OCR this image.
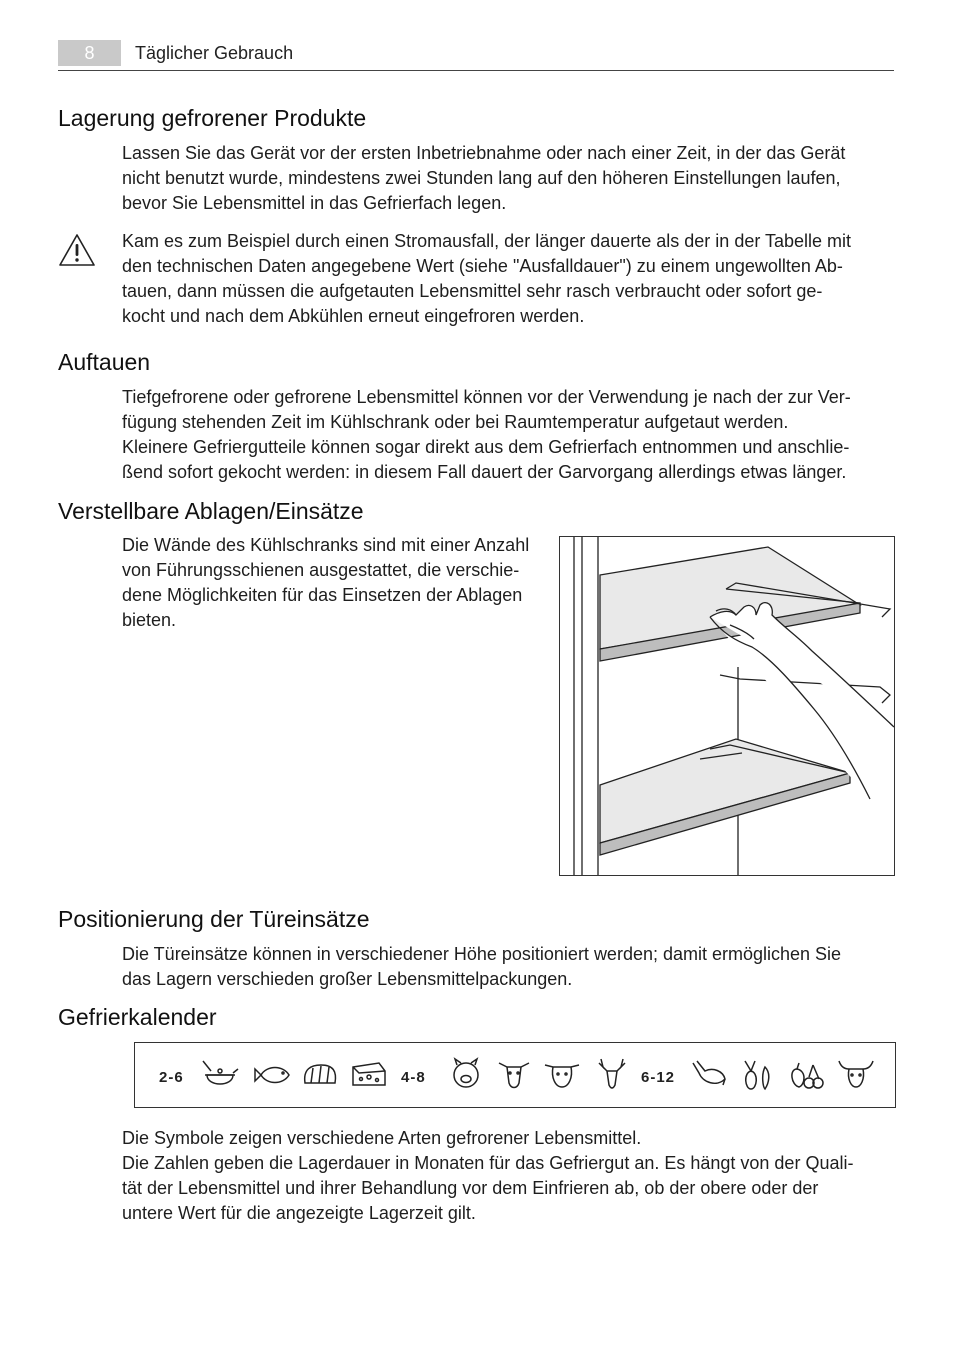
8	Täglicher Gebrauch
Lagerung gefrorener Produkte
Lassen Sie das Gerät vor der ersten Inbetriebnahme oder nach einer Zeit, in der das Gerät
nicht benutzt wurde, mindestens zwei Stunden lang auf den höheren Einstellungen laufen,
bevor Sie Lebensmittel in das Gefrierfach legen.
Kam es zum Beispiel durch einen Stromausfall, der länger dauerte als der in der Tabelle mit
den technischen Daten angegebene Wert (siehe "Ausfalldauer") zu einem ungewollten Ab-
tauen, dann müssen die aufgetauten Lebensmittel sehr rasch verbraucht oder sofort ge-
kocht und nach dem Abkühlen erneut eingefroren werden.
Auftauen
Tiefgefrorene oder gefrorene Lebensmittel können vor der Verwendung je nach der zur Ver-
fügung stehenden Zeit im Kühlschrank oder bei Raumtemperatur aufgetaut werden.
Kleinere Gefriergutteile können sogar direkt aus dem Gefrierfach entnommen und anschlie-
ßend sofort gekocht werden: in diesem Fall dauert der Garvorgang allerdings etwas länger.
Verstellbare Ablagen/Einsätze
Die Wände des Kühlschranks sind mit einer Anzahl
von Führungsschienen ausgestattet, die verschie-
dene Möglichkeiten für das Einsetzen der Ablagen
bieten.
Positionierung der Türeinsätze
Die Türeinsätze können in verschiedener Höhe positioniert werden; damit ermöglichen Sie
das Lagern verschieden großer Lebensmittelpackungen.
Gefrierkalender
2-6	4-8	6-12
Die Symbole zeigen verschiedene Arten gefrorener Lebensmittel.
Die Zahlen geben die Lagerdauer in Monaten für das Gefriergut an. Es hängt von der Quali-
tät der Lebensmittel und ihrer Behandlung vor dem Einfrieren ab, ob der obere oder der
untere Wert für die angezeigte Lagerzeit gilt.
